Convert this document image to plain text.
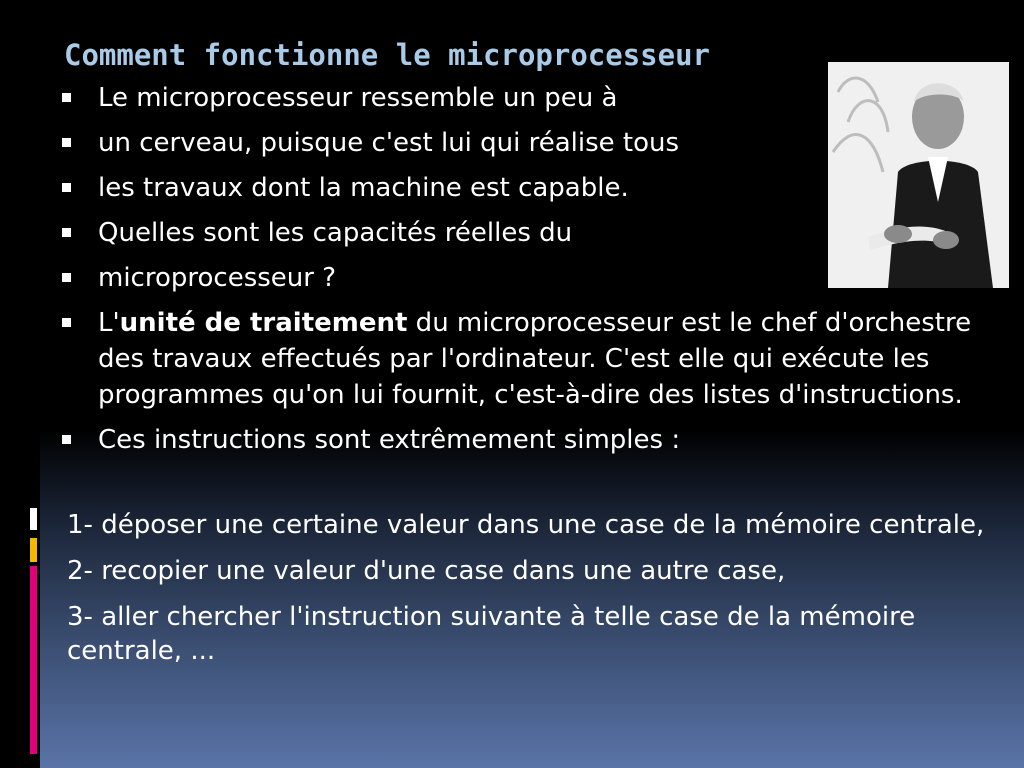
Comment fonctionne le microprocesseur
Le microprocesseur ressemble un peu à
un cerveau, puisque c'est lui qui réalise tous
les travaux dont la machine est capable.
Quelles sont les capacités réelles du
microprocesseur ?
L'unité de traitement du microprocesseur est le chef d'orchestre des travaux effectués par l'ordinateur. C'est elle qui exécute les programmes qu'on lui fournit, c'est-à-dire des listes d'instructions.
Ces instructions sont extrêmement simples :

1- déposer une certaine valeur dans une case de la mémoire centrale,

2- recopier une valeur d'une case dans une autre case,

3- aller chercher l'instruction suivante à telle case de la mémoire centrale, ...
